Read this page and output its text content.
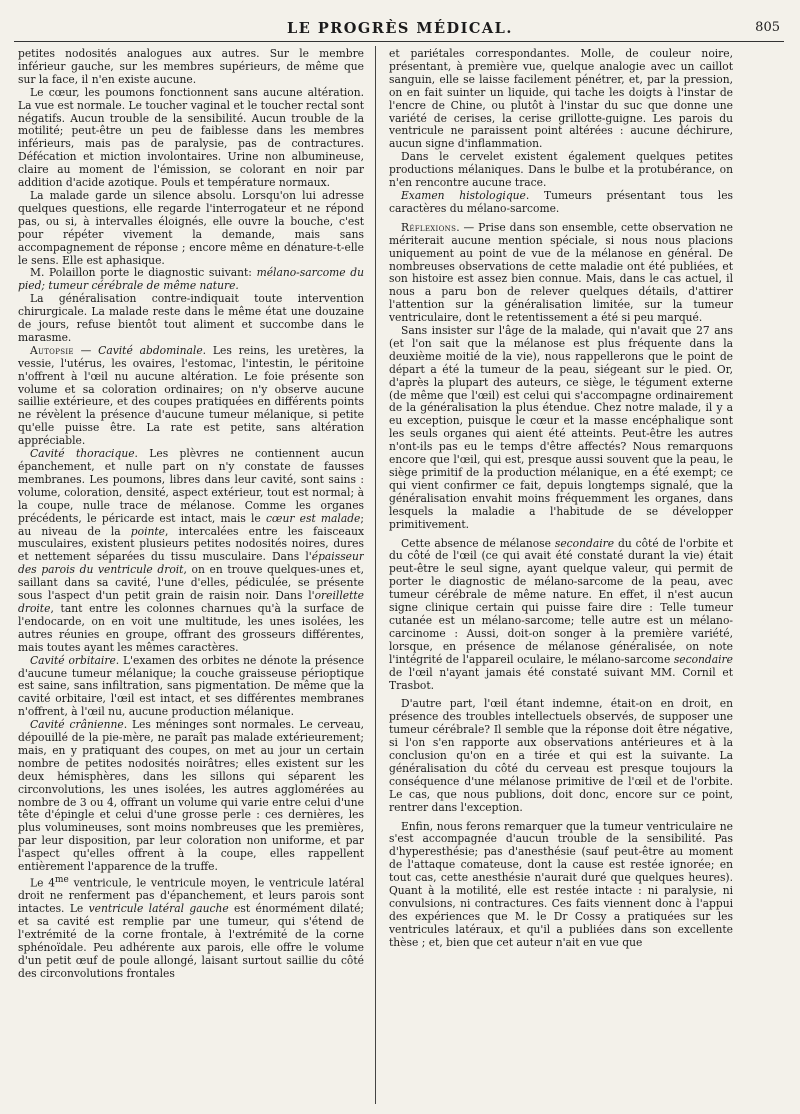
LE PROGRÈS MÉDICAL.	805

petites nodosités analogues aux autres. Sur le membre inférieur gauche, sur les membres supérieurs, de même que sur la face, il n'en existe aucune.

Le cœur, les poumons fonctionnent sans aucune altération. La vue est normale. Le toucher vaginal et le toucher rectal sont négatifs. Aucun trouble de la sensibilité. Aucun trouble de la motilité; peut-être un peu de faiblesse dans les membres inférieurs, mais pas de paralysie, pas de contractures. Défécation et miction involontaires. Urine non albumineuse, claire au moment de l'émission, se colorant en noir par addition d'acide azotique. Pouls et température normaux.

La malade garde un silence absolu. Lorsqu'on lui adresse quelques questions, elle regarde l'interrogateur et ne répond pas, ou si, à intervalles éloignés, elle ouvre la bouche, c'est pour répéter vivement la demande, mais sans accompagnement de réponse ; encore même en dénature-t-elle le sens. Elle est aphasique.

M. Polaillon porte le diagnostic suivant: mélano-sarcome du pied; tumeur cérébrale de même nature.

La généralisation contre-indiquait toute intervention chirurgicale. La malade reste dans le même état une douzaine de jours, refuse bientôt tout aliment et succombe dans le marasme.

Autopsie — Cavité abdominale. Les reins, les uretères, la vessie, l'utérus, les ovaires, l'estomac, l'intestin, le péritoine n'offrent à l'œil nu aucune altération. Le foie présente son volume et sa coloration ordinaires; on n'y observe aucune saillie extérieure, et des coupes pratiquées en différents points ne révèlent la présence d'aucune tumeur mélanique, si petite qu'elle puisse être. La rate est petite, sans altération appréciable.

Cavité thoracique. Les plèvres ne contiennent aucun épanchement, et nulle part on n'y constate de fausses membranes. Les poumons, libres dans leur cavité, sont sains : volume, coloration, densité, aspect extérieur, tout est normal; à la coupe, nulle trace de mélanose. Comme les organes précédents, le péricarde est intact, mais le cœur est malade; au niveau de la pointe, intercalées entre les faisceaux musculaires, existent plusieurs petites nodosités noires, dures et nettement séparées du tissu musculaire. Dans l'épaisseur des parois du ventricule droit, on en trouve quelques-unes et, saillant dans sa cavité, l'une d'elles, pédiculée, se présente sous l'aspect d'un petit grain de raisin noir. Dans l'oreillette droite, tant entre les colonnes charnues qu'à la surface de l'endocarde, on en voit une multitude, les unes isolées, les autres réunies en groupe, offrant des grosseurs différentes, mais toutes ayant les mêmes caractères.

Cavité orbitaire. L'examen des orbites ne dénote la présence d'aucune tumeur mélanique; la couche graisseuse périoptique est saine, sans infiltration, sans pigmentation. De même que la cavité orbitaire, l'œil est intact, et ses différentes membranes n'offrent, à l'œil nu, aucune production mélanique.

Cavité crânienne. Les méninges sont normales. Le cerveau, dépouillé de la pie-mère, ne paraît pas malade extérieurement; mais, en y pratiquant des coupes, on met au jour un certain nombre de petites nodosités noirâtres; elles existent sur les deux hémisphères, dans les sillons qui séparent les circonvolutions, les unes isolées, les autres agglomérées au nombre de 3 ou 4, offrant un volume qui varie entre celui d'une tête d'épingle et celui d'une grosse perle : ces dernières, les plus volumineuses, sont moins nombreuses que les premières, par leur disposition, par leur coloration non uniforme, et par l'aspect qu'elles offrent à la coupe, elles rappellent entièrement l'apparence de la truffe.

Le $4^{me}$ ventricule, le ventricule moyen, le ventricule latéral droit ne renferment pas d'épanchement, et leurs parois sont intactes. Le ventricule latéral gauche est énormément dilaté; et sa cavité est remplie par une tumeur, qui s'étend de l'extrémité de la corne frontale, à l'extrémité de la corne sphénoïdale. Peu adhérente aux parois, elle offre le volume d'un petit œuf de poule allongé, laisant surtout saillie du côté des circonvolutions frontales

et pariétales correspondantes. Molle, de couleur noire, présentant, à première vue, quelque analogie avec un caillot sanguin, elle se laisse facilement pénétrer, et, par la pression, on en fait suinter un liquide, qui tache les doigts à l'instar de l'encre de Chine, ou plutôt à l'instar du suc que donne une variété de cerises, la cerise grillotte-guigne. Les parois du ventricule ne paraissent point altérées : aucune déchirure, aucun signe d'inflammation.

Dans le cervelet existent également quelques petites productions mélaniques. Dans le bulbe et la protubérance, on n'en rencontre aucune trace.

Examen histologique. Tumeurs présentant tous les caractères du mélano-sarcome.

Réflexions. — Prise dans son ensemble, cette observation ne mériterait aucune mention spéciale, si nous nous placions uniquement au point de vue de la mélanose en général. De nombreuses observations de cette maladie ont été publiées, et son histoire est assez bien connue. Mais, dans le cas actuel, il nous a paru bon de relever quelques détails, d'attirer l'attention sur la généralisation limitée, sur la tumeur ventriculaire, dont le retentissement a été si peu marqué.

Sans insister sur l'âge de la malade, qui n'avait que 27 ans (et l'on sait que la mélanose est plus fréquente dans la deuxième moitié de la vie), nous rappellerons que le point de départ a été la tumeur de la peau, siégeant sur le pied. Or, d'après la plupart des auteurs, ce siège, le tégument externe (de même que l'œil) est celui qui s'accompagne ordinairement de la généralisation la plus étendue. Chez notre malade, il y a eu exception, puisque le cœur et la masse encéphalique sont les seuls organes qui aient été atteints. Peut-être les autres n'ont-ils pas eu le temps d'être affectés? Nous remarquons encore que l'œil, qui est, presque aussi souvent que la peau, le siège primitif de la production mélanique, en a été exempt; ce qui vient confirmer ce fait, depuis longtemps signalé, que la généralisation envahit moins fréquemment les organes, dans lesquels la maladie a l'habitude de se développer primitivement.

Cette absence de mélanose secondaire du côté de l'orbite et du côté de l'œil (ce qui avait été constaté durant la vie) était peut-être le seul signe, ayant quelque valeur, qui permit de porter le diagnostic de mélano-sarcome de la peau, avec tumeur cérébrale de même nature. En effet, il n'est aucun signe clinique certain qui puisse faire dire : Telle tumeur cutanée est un mélano-sarcome; telle autre est un mélano-carcinome : Aussi, doit-on songer à la première variété, lorsque, en présence de mélanose généralisée, on note l'intégrité de l'appareil oculaire, le mélano-sarcome secondaire de l'œil n'ayant jamais été constaté suivant MM. Cornil et Trasbot.

D'autre part, l'œil étant indemne, était-on en droit, en présence des troubles intellectuels observés, de supposer une tumeur cérébrale? Il semble que la réponse doit être négative, si l'on s'en rapporte aux observations antérieures et à la conclusion qu'on en a tirée et qui est la suivante. La généralisation du côté du cerveau est presque toujours la conséquence d'une mélanose primitive de l'œil et de l'orbite. Le cas, que nous publions, doit donc, encore sur ce point, rentrer dans l'exception.

Enfin, nous ferons remarquer que la tumeur ventriculaire ne s'est accompagnée d'aucun trouble de la sensibilité. Pas d'hyperesthésie; pas d'anesthésie (sauf peut-être au moment de l'attaque comateuse, dont la cause est restée ignorée; en tout cas, cette anesthésie n'aurait duré que quelques heures). Quant à la motilité, elle est restée intacte : ni paralysie, ni convulsions, ni contractures. Ces faits viennent donc à l'appui des expériences que M. le Dr Cossy a pratiquées sur les ventricules latéraux, et qu'il a publiées dans son excellente thèse ; et, bien que cet auteur n'ait en vue que
